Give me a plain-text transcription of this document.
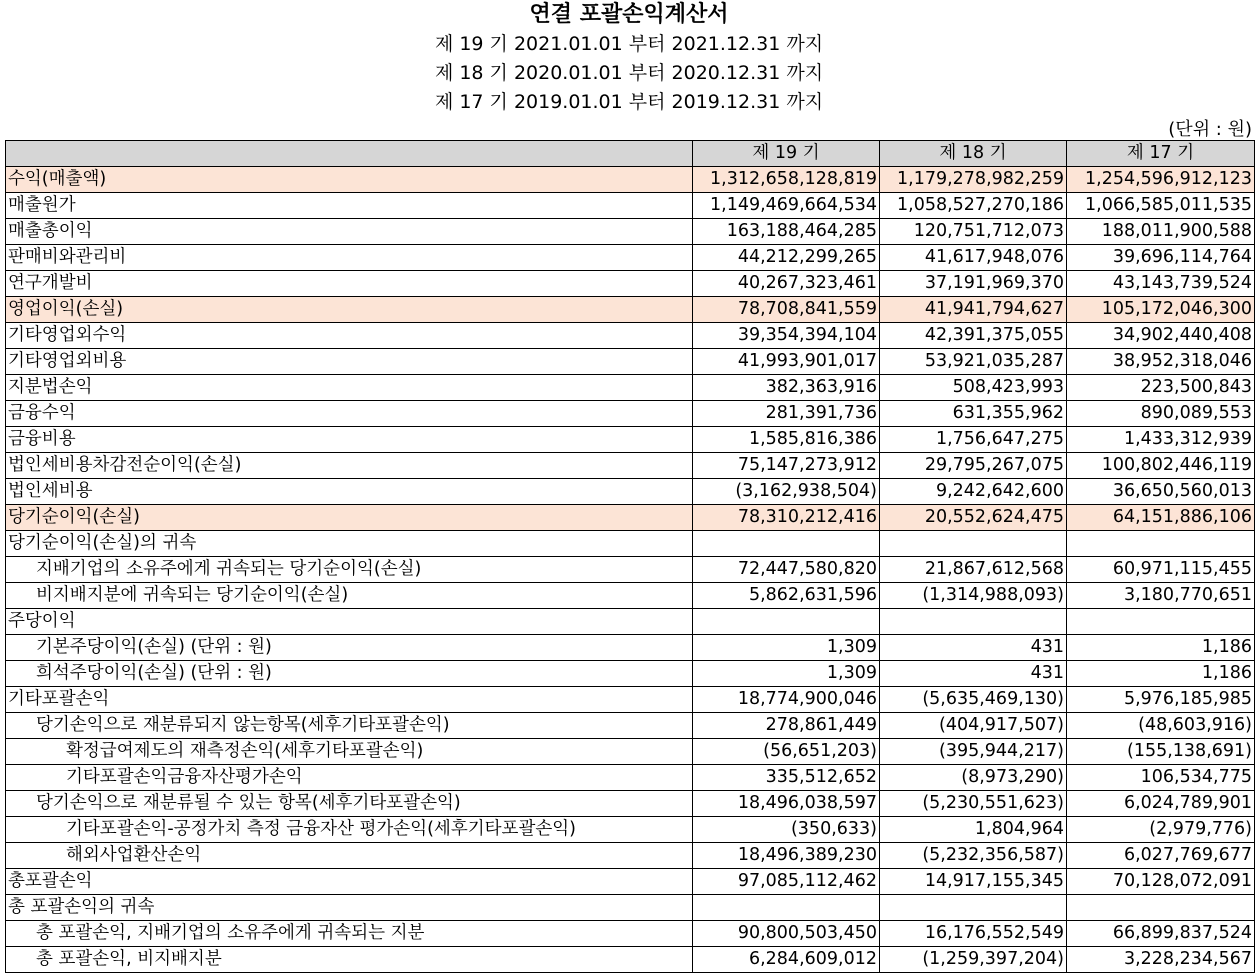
연결 포괄손익계산서
제 19 기 2021.01.01 부터 2021.12.31 까지
제 18 기 2020.01.01 부터 2020.12.31 까지
제 17 기 2019.01.01 부터 2019.12.31 까지
(단위 : 원)
	제 19 기	제 18 기	제 17 기
수익(매출액)	1,312,658,128,819	1,179,278,982,259	1,254,596,912,123
매출원가	1,149,469,664,534	1,058,527,270,186	1,066,585,011,535
매출총이익	163,188,464,285	120,751,712,073	188,011,900,588
판매비와관리비	44,212,299,265	41,617,948,076	39,696,114,764
연구개발비	40,267,323,461	37,191,969,370	43,143,739,524
영업이익(손실)	78,708,841,559	41,941,794,627	105,172,046,300
기타영업외수익	39,354,394,104	42,391,375,055	34,902,440,408
기타영업외비용	41,993,901,017	53,921,035,287	38,952,318,046
지분법손익	382,363,916	508,423,993	223,500,843
금융수익	281,391,736	631,355,962	890,089,553
금융비용	1,585,816,386	1,756,647,275	1,433,312,939
법인세비용차감전순이익(손실)	75,147,273,912	29,795,267,075	100,802,446,119
법인세비용	(3,162,938,504)	9,242,642,600	36,650,560,013
당기순이익(손실)	78,310,212,416	20,552,624,475	64,151,886,106
당기순이익(손실)의 귀속			
지배기업의 소유주에게 귀속되는 당기순이익(손실)	72,447,580,820	21,867,612,568	60,971,115,455
비지배지분에 귀속되는 당기순이익(손실)	5,862,631,596	(1,314,988,093)	3,180,770,651
주당이익			
기본주당이익(손실) (단위 : 원)	1,309	431	1,186
희석주당이익(손실) (단위 : 원)	1,309	431	1,186
기타포괄손익	18,774,900,046	(5,635,469,130)	5,976,185,985
당기손익으로 재분류되지 않는항목(세후기타포괄손익)	278,861,449	(404,917,507)	(48,603,916)
확정급여제도의 재측정손익(세후기타포괄손익)	(56,651,203)	(395,944,217)	(155,138,691)
기타포괄손익금융자산평가손익	335,512,652	(8,973,290)	106,534,775
당기손익으로 재분류될 수 있는 항목(세후기타포괄손익)	18,496,038,597	(5,230,551,623)	6,024,789,901
기타포괄손익-공정가치 측정 금융자산 평가손익(세후기타포괄손익)	(350,633)	1,804,964	(2,979,776)
해외사업환산손익	18,496,389,230	(5,232,356,587)	6,027,769,677
총포괄손익	97,085,112,462	14,917,155,345	70,128,072,091
총 포괄손익의 귀속			
총 포괄손익, 지배기업의 소유주에게 귀속되는 지분	90,800,503,450	16,176,552,549	66,899,837,524
총 포괄손익, 비지배지분	6,284,609,012	(1,259,397,204)	3,228,234,567
